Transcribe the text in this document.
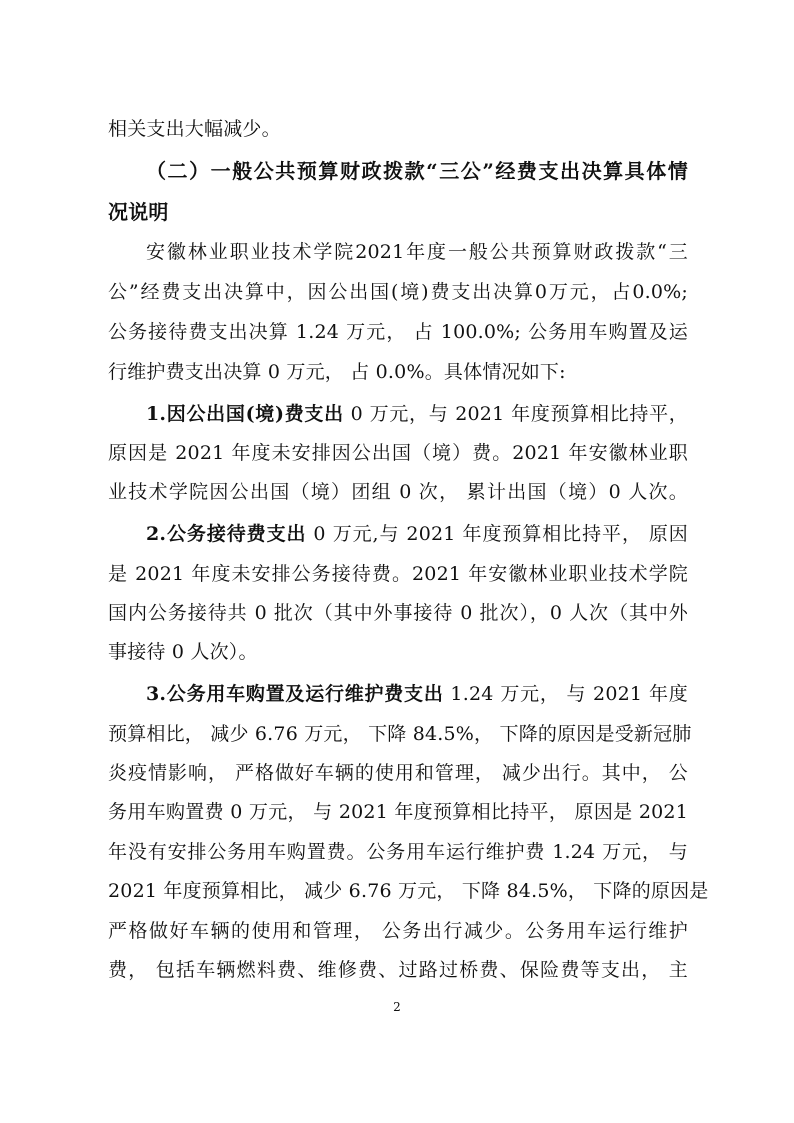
相关支出大幅减少。
（二）一般公共预算财政拨款“三公”经费支出决算具体情
况说明
安徽林业职业技术学院2021年度一般公共预算财政拨款“三
公”经费支出决算中，因公出国(境)费支出决算0万元，占0.0%;
公务接待费支出决算 1.24 万元， 占 100.0%; 公务用车购置及运
行维护费支出决算 0 万元， 占 0.0%。具体情况如下:
1.因公出国(境)费支出 0 万元，与 2021 年度预算相比持平，
原因是 2021 年度未安排因公出国（境）费。2021 年安徽林业职
业技术学院因公出国（境）团组 0 次， 累计出国（境）0 人次。
2.公务接待费支出 0 万元,与 2021 年度预算相比持平， 原因
是 2021 年度未安排公务接待费。2021 年安徽林业职业技术学院
国内公务接待共 0 批次（其中外事接待 0 批次），0 人次（其中外
事接待 0 人次）。
3.公务用车购置及运行维护费支出 1.24 万元， 与 2021 年度
预算相比， 减少 6.76 万元， 下降 84.5%， 下降的原因是受新冠肺
炎疫情影响， 严格做好车辆的使用和管理， 减少出行。其中， 公
务用车购置费 0 万元， 与 2021 年度预算相比持平， 原因是 2021
年没有安排公务用车购置费。公务用车运行维护费 1.24 万元， 与
2021 年度预算相比， 减少 6.76 万元， 下降 84.5%， 下降的原因是
严格做好车辆的使用和管理， 公务出行减少。公务用车运行维护
费， 包括车辆燃料费、维修费、过路过桥费、保险费等支出， 主
2
